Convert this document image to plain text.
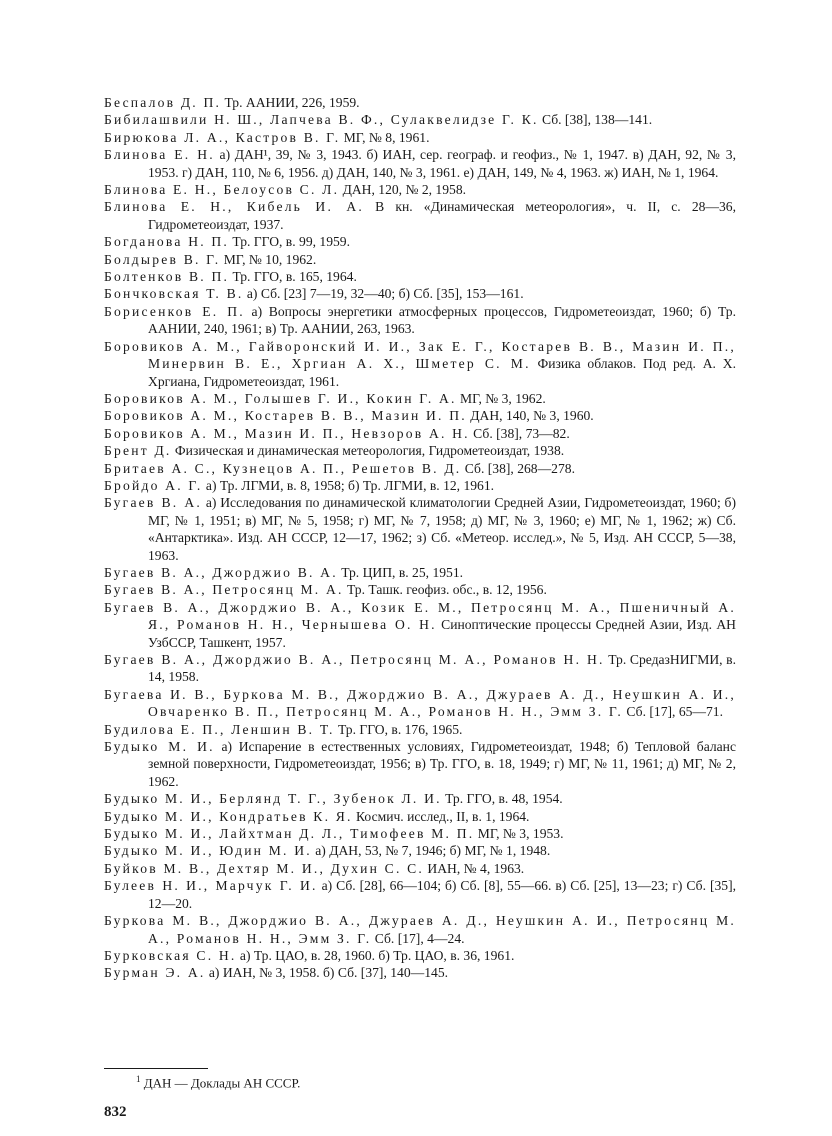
Беспалов Д. П. Тр. ААНИИ, 226, 1959.
Бибилашвили Н. Ш., Лапчева В. Ф., Сулаквелидзе Г. К. Сб. [38], 138—141.
Бирюкова Л. А., Кастров В. Г. МГ, № 8, 1961.
Блинова Е. Н. а) ДАН¹, 39, № 3, 1943. б) ИАН, сер. географ. и геофиз., № 1, 1947. в) ДАН, 92, № 3, 1953. г) ДАН, 110, № 6, 1956. д) ДАН, 140, № 3, 1961. е) ДАН, 149, № 4, 1963. ж) ИАН, № 1, 1964.
Блинова Е. Н., Белоусов С. Л. ДАН, 120, № 2, 1958.
Блинова Е. Н., Кибель И. А. В кн. «Динамическая метеорология», ч. II, с. 28—36, Гидрометеоиздат, 1937.
Богданова Н. П. Тр. ГГО, в. 99, 1959.
Болдырев В. Г. МГ, № 10, 1962.
Болтенков В. П. Тр. ГГО, в. 165, 1964.
Бончковская Т. В. а) Сб. [23] 7—19, 32—40; б) Сб. [35], 153—161.
Борисенков Е. П. а) Вопросы энергетики атмосферных процессов, Гидрометеоиздат, 1960; б) Тр. ААНИИ, 240, 1961; в) Тр. ААНИИ, 263, 1963.
Боровиков А. М., Гайворонский И. И., Зак Е. Г., Костарев В. В., Мазин И. П., Минервин В. Е., Хргиан А. Х., Шметер С. М. Физика облаков. Под ред. А. Х. Хргиана, Гидрометеоиздат, 1961.
Боровиков А. М., Голышев Г. И., Кокин Г. А. МГ, № 3, 1962.
Боровиков А. М., Костарев В. В., Мазин И. П. ДАН, 140, № 3, 1960.
Боровиков А. М., Мазин И. П., Невзоров А. Н. Сб. [38], 73—82.
Брент Д. Физическая и динамическая метеорология, Гидрометеоиздат, 1938.
Бритаев А. С., Кузнецов А. П., Решетов В. Д. Сб. [38], 268—278.
Бройдо А. Г. а) Тр. ЛГМИ, в. 8, 1958; б) Тр. ЛГМИ, в. 12, 1961.
Бугаев В. А. а) Исследования по динамической климатологии Средней Азии, Гидрометеоиздат, 1960; б) МГ, № 1, 1951; в) МГ, № 5, 1958; г) МГ, № 7, 1958; д) МГ, № 3, 1960; е) МГ, № 1, 1962; ж) Сб. «Антарктика». Изд. АН СССР, 12—17, 1962; з) Сб. «Метеор. исслед.», № 5, Изд. АН СССР, 5—38, 1963.
Бугаев В. А., Джорджио В. А. Тр. ЦИП, в. 25, 1951.
Бугаев В. А., Петросянц М. А. Тр. Ташк. геофиз. обс., в. 12, 1956.
Бугаев В. А., Джорджио В. А., Козик Е. М., Петросянц М. А., Пшеничный А. Я., Романов Н. Н., Чернышева О. Н. Синоптические процессы Средней Азии, Изд. АН УзбССР, Ташкент, 1957.
Бугаев В. А., Джорджио В. А., Петросянц М. А., Романов Н. Н. Тр. СредазНИГМИ, в. 14, 1958.
Бугаева И. В., Буркова М. В., Джорджио В. А., Джураев А. Д., Неушкин А. И., Овчаренко В. П., Петросянц М. А., Романов Н. Н., Эмм З. Г. Сб. [17], 65—71.
Будилова Е. П., Леншин В. Т. Тр. ГГО, в. 176, 1965.
Будыко М. И. а) Испарение в естественных условиях, Гидрометеоиздат, 1948; б) Тепловой баланс земной поверхности, Гидрометеоиздат, 1956; в) Тр. ГГО, в. 18, 1949; г) МГ, № 11, 1961; д) МГ, № 2, 1962.
Будыко М. И., Берлянд Т. Г., Зубенок Л. И. Тр. ГГО, в. 48, 1954.
Будыко М. И., Кондратьев К. Я. Космич. исслед., II, в. 1, 1964.
Будыко М. И., Лайхтман Д. Л., Тимофеев М. П. МГ, № 3, 1953.
Будыко М. И., Юдин М. И. а) ДАН, 53, № 7, 1946; б) МГ, № 1, 1948.
Буйков М. В., Дехтяр М. И., Духин С. С. ИАН, № 4, 1963.
Булеев Н. И., Марчук Г. И. а) Сб. [28], 66—104; б) Сб. [8], 55—66. в) Сб. [25], 13—23; г) Сб. [35], 12—20.
Буркова М. В., Джорджио В. А., Джураев А. Д., Неушкин А. И., Петросянц М. А., Романов Н. Н., Эмм З. Г. Сб. [17], 4—24.
Бурковская С. Н. а) Тр. ЦАО, в. 28, 1960. б) Тр. ЦАО, в. 36, 1961.
Бурман Э. А. а) ИАН, № 3, 1958. б) Сб. [37], 140—145.
$^1$ ДАН — Доклады АН СССР.
832
